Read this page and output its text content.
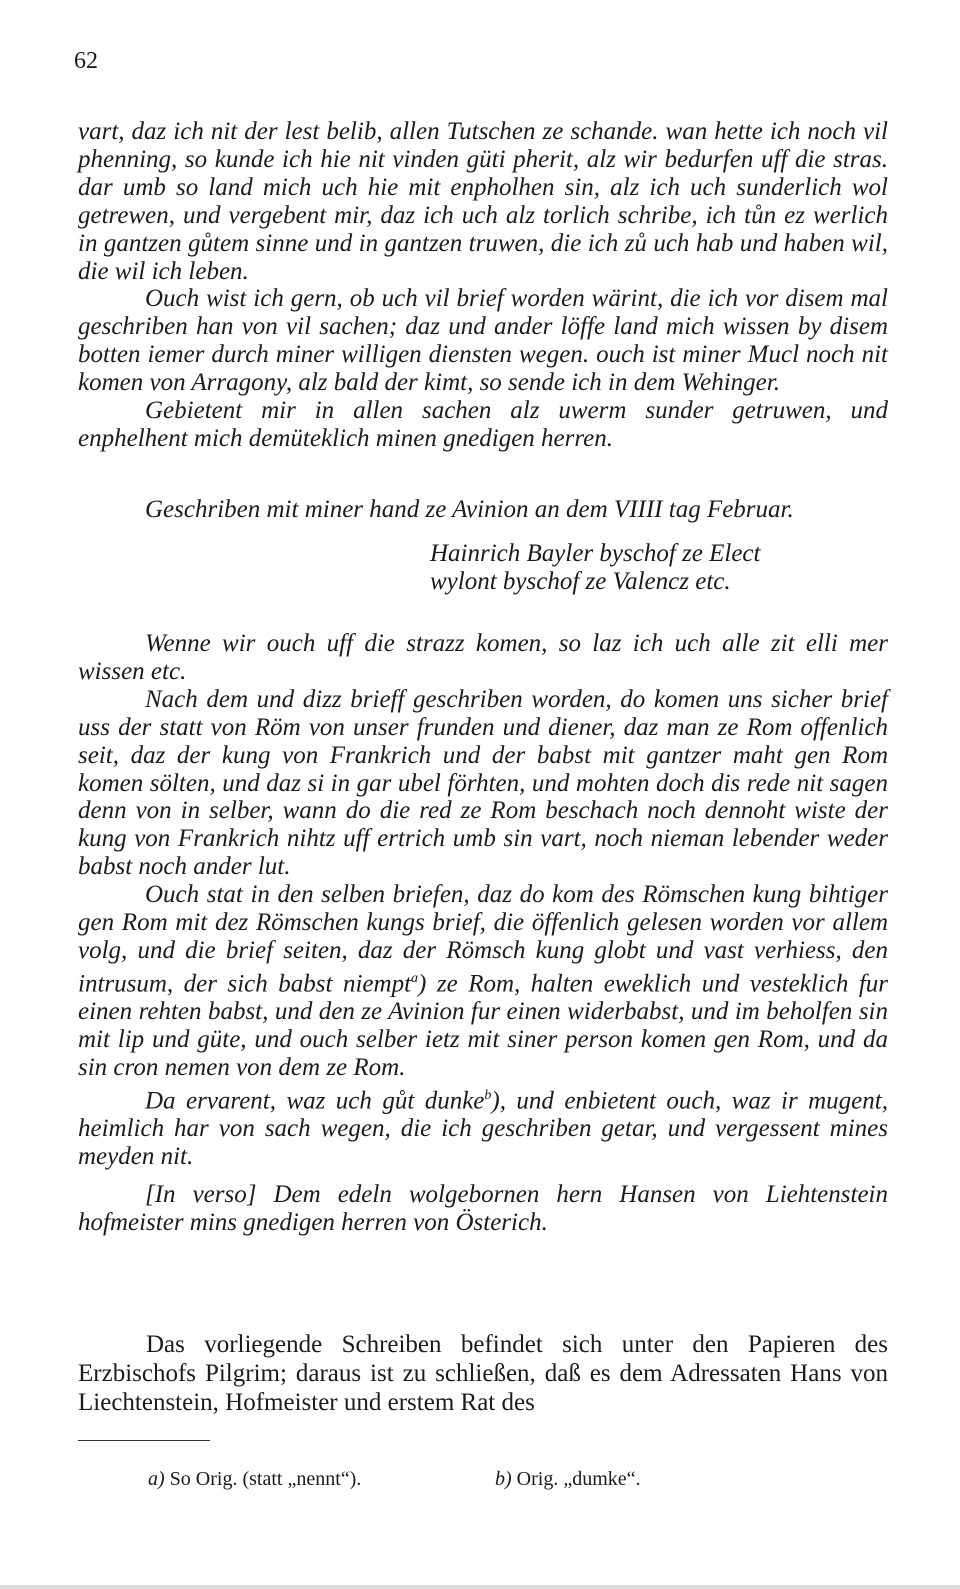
62

vart, daz ich nit der lest belib, allen Tutschen ze schande. wan hette ich noch vil phenning, so kunde ich hie nit vinden güti pherit, alz wir bedurfen uff die stras. dar umb so land mich uch hie mit enpholhen sin, alz ich uch sunderlich wol getrewen, und vergebent mir, daz ich uch alz torlich schribe, ich tůn ez werlich in gantzen gůtem sinne und in gantzen truwen, die ich zů uch hab und haben wil, die wil ich leben.

Ouch wist ich gern, ob uch vil brief worden wärint, die ich vor disem mal geschriben han von vil sachen; daz und ander löffe land mich wissen by disem botten iemer durch miner willigen diensten wegen. ouch ist miner Mucl noch nit komen von Arragony, alz bald der kimt, so sende ich in dem Wehinger.

Gebietent mir in allen sachen alz uwerm sunder getruwen, und enphelhent mich demüteklich minen gnedigen herren.

Geschriben mit miner hand ze Avinion an dem VIIII tag Februar.
Hainrich Bayler byschof ze Elect
wylont byschof ze Valencz etc.

Wenne wir ouch uff die strazz komen, so laz ich uch alle zit elli mer wissen etc.

Nach dem und dizz brieff geschriben worden, do komen uns sicher brief uss der statt von Röm von unser frunden und diener, daz man ze Rom offenlich seit, daz der kung von Frankrich und der babst mit gantzer maht gen Rom komen sölten, und daz si in gar ubel förhten, und mohten doch dis rede nit sagen denn von in selber, wann do die red ze Rom beschach noch dennoht wiste der kung von Frankrich nihtz uff ertrich umb sin vart, noch nieman lebender weder babst noch ander lut.

Ouch stat in den selben briefen, daz do kom des Römschen kung bihtiger gen Rom mit dez Römschen kungs brief, die öffenlich gelesen worden vor allem volg, und die brief seiten, daz der Römsch kung globt und vast verhiess, den intrusum, der sich babst niempt$^a$) ze Rom, halten eweklich und vesteklich fur einen rehten babst, und den ze Avinion fur einen widerbabst, und im beholfen sin mit lip und güte, und ouch selber ietz mit siner person komen gen Rom, und da sin cron nemen von dem ze Rom.

Da ervarent, waz uch gůt dunke$^b$), und enbietent ouch, waz ir mugent, heimlich har von sach wegen, die ich geschriben getar, und vergessent mines meyden nit.

[In verso] Dem edeln wolgebornen hern Hansen von Liehtenstein hofmeister mins gnedigen herren von Österich.

Das vorliegende Schreiben befindet sich unter den Papieren des Erzbischofs Pilgrim; daraus ist zu schließen, daß es dem Adressaten Hans von Liechtenstein, Hofmeister und erstem Rat des

a) So Orig. (statt „nennt“).	b) Orig. „dumke“.
